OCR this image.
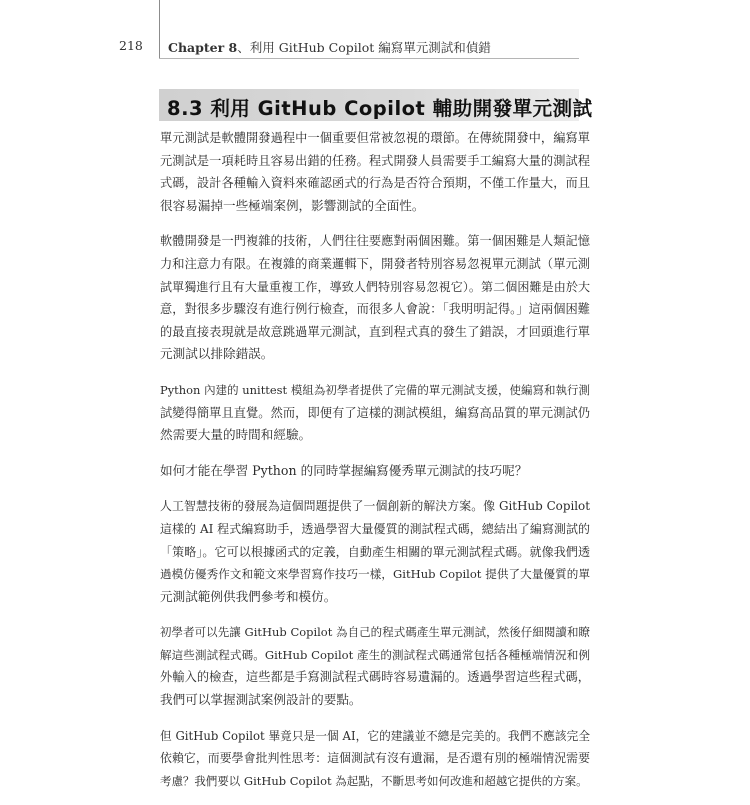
218 Chapter 8、利用 GitHub Copilot 編寫單元測試和偵錯
8.3 利用 GitHub Copilot 輔助開發單元測試

單元測試是軟體開發過程中一個重要但常被忽視的環節。在傳統開發中，編寫單
元測試是一項耗時且容易出錯的任務。程式開發人員需要手工編寫大量的測試程
式碼，設計各種輸入資料來確認函式的行為是否符合預期，不僅工作量大，而且
很容易漏掉一些極端案例，影響測試的全面性。

軟體開發是一門複雜的技術，人們往往要應對兩個困難。第一個困難是人類記憶
力和注意力有限。在複雜的商業邏輯下，開發者特別容易忽視單元測試（單元測
試單獨進行且有大量重複工作，導致人們特別容易忽視它）。第二個困難是由於大
意，對很多步驟沒有進行例行檢查，而很多人會說：「我明明記得。」這兩個困難
的最直接表現就是故意跳過單元測試，直到程式真的發生了錯誤，才回頭進行單
元測試以排除錯誤。

Python 內建的 unittest 模組為初學者提供了完備的單元測試支援，使編寫和執行測
試變得簡單且直覺。然而，即便有了這樣的測試模組，編寫高品質的單元測試仍
然需要大量的時間和經驗。

如何才能在學習 Python 的同時掌握編寫優秀單元測試的技巧呢？

人工智慧技術的發展為這個問題提供了一個創新的解決方案。像 GitHub Copilot
這樣的 AI 程式編寫助手，透過學習大量優質的測試程式碼，總結出了編寫測試的
「策略」。它可以根據函式的定義，自動產生相關的單元測試程式碼。就像我們透
過模仿優秀作文和範文來學習寫作技巧一樣，GitHub Copilot 提供了大量優質的單
元測試範例供我們參考和模仿。

初學者可以先讓 GitHub Copilot 為自己的程式碼產生單元測試，然後仔細閱讀和瞭
解這些測試程式碼。GitHub Copilot 產生的測試程式碼通常包括各種極端情況和例
外輸入的檢查，這些都是手寫測試程式碼時容易遺漏的。透過學習這些程式碼，
我們可以掌握測試案例設計的要點。

但 GitHub Copilot 畢竟只是一個 AI，它的建議並不總是完美的。我們不應該完全
依賴它，而要學會批判性思考：這個測試有沒有遺漏，是否還有別的極端情況需要
考慮？我們要以 GitHub Copilot 為起點，不斷思考如何改進和超越它提供的方案。
